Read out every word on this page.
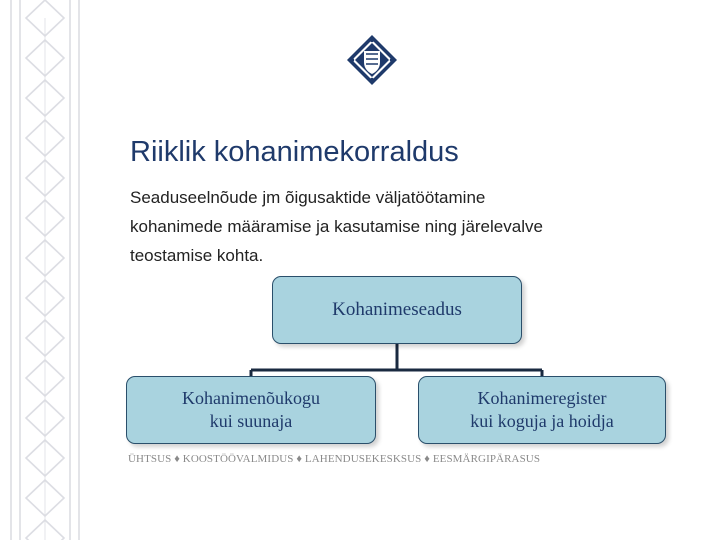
Riiklik kohanimekorraldus
Seaduseelnõude jm õigusaktide väljatöötamine kohanimede määramise ja kasutamise ning järelevalve teostamise kohta.
Kohanimeseadus
Kohanimenõukogu
kui suunaja
Kohanimeregister
kui koguja ja hoidja
ÜHTSUS ♦ KOOSTÖÖVALMIDUS ♦ LAHENDUSEKESKSUS ♦ EESMÄRGIPÄRASUS
